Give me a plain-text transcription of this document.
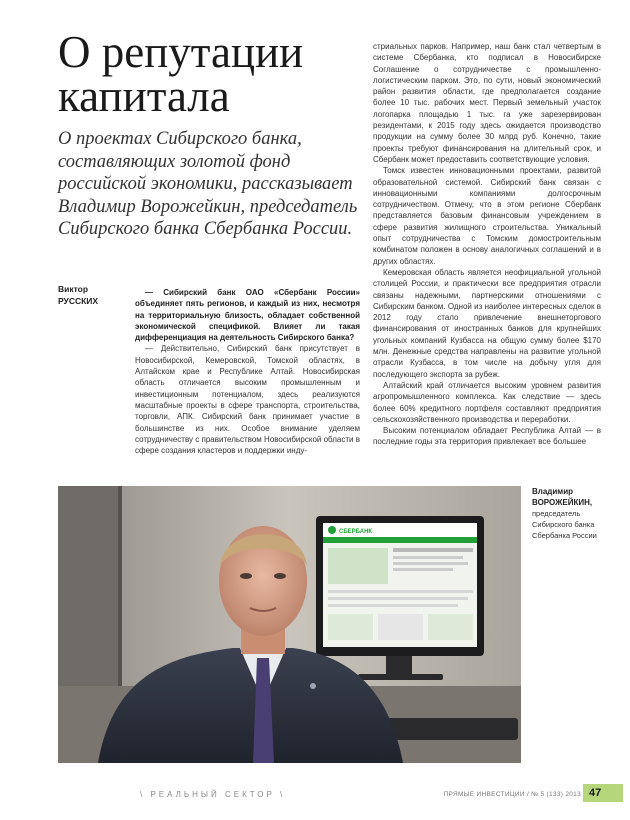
О репутации капитала

О проектах Сибирского банка, составляющих золотой фонд российской экономики, рассказывает Владимир Ворожейкин, председатель Сибирского банка Сбербанка России.

Виктор
РУССКИХ

— Сибирский банк ОАО «Сбербанк России» объединяет пять регионов, и каждый из них, несмотря на территориальную близость, обладает собственной экономической спецификой. Влияет ли такая дифференциация на деятельность Сибирского банка?

— Действительно, Сибирский банк присутствует в Новосибирской, Кемеровской, Томской областях, в Алтайском крае и Республике Алтай. Новосибирская область отличается высоким промышленным и инвестиционным потенциалом, здесь реализуются масштабные проекты в сфере транспорта, строительства, торговли, АПК. Сибирский банк принимает участие в большинстве из них. Особое внимание уделяем сотрудничеству с правительством Новосибирской области в сфере создания кластеров и поддержки инду-

стриальных парков. Например, наш банк стал четвертым в системе Сбербанка, кто подписал в Новосибирске Соглашение о сотрудничестве с промышленно-логистическим парком. Это, по сути, новый экономический район развития области, где предполагается создание более 10 тыс. рабочих мест. Первый земельный участок логопарка площадью 1 тыс. га уже зарезервирован резидентами, к 2015 году здесь ожидается производство продукции на сумму более 30 млрд руб. Конечно, такие проекты требуют финансирования на длительный срок, и Сбербанк может предоставить соответствующие условия.

Томск известен инновационными проектами, развитой образовательной системой. Сибирский банк связан с инновационными компаниями долгосрочным сотрудничеством. Отмечу, что в этом регионе Сбербанк представляется базовым финансовым учреждением в сфере развития жилищного строительства. Уникальный опыт сотрудничества с Томским домостроительным комбинатом положен в основу аналогичных соглашений и в других областях.

Кемеровская область является неофициальной угольной столицей России, и практически все предприятия отрасли связаны надежными, партнерскими отношениями с Сибирским банком. Одной из наиболее интересных сделок в 2012 году стало привлечение внешнеторгового финансирования от иностранных банков для крупнейших угольных компаний Кузбасса на общую сумму более $170 млн. Денежные средства направлены на развитие угольной отрасли Кузбасса, в том числе на добычу угля для последующего экспорта за рубеж.

Алтайский край отличается высоким уровнем развития агропромышленного комплекса. Как следствие — здесь более 60% кредитного портфеля составляют предприятия сельскохозяйственного производства и переработки.

Высоким потенциалом обладает Республика Алтай — в последние годы эта территория привлекает все большее

СБЕРБАНК
Владимир ВОРОЖЕЙКИН,
председатель Сибирского банка Сбербанка России
\ РЕАЛЬНЫЙ СЕКТОР \	ПРЯМЫЕ ИНВЕСТИЦИИ / № 5 (133) 2013 47
